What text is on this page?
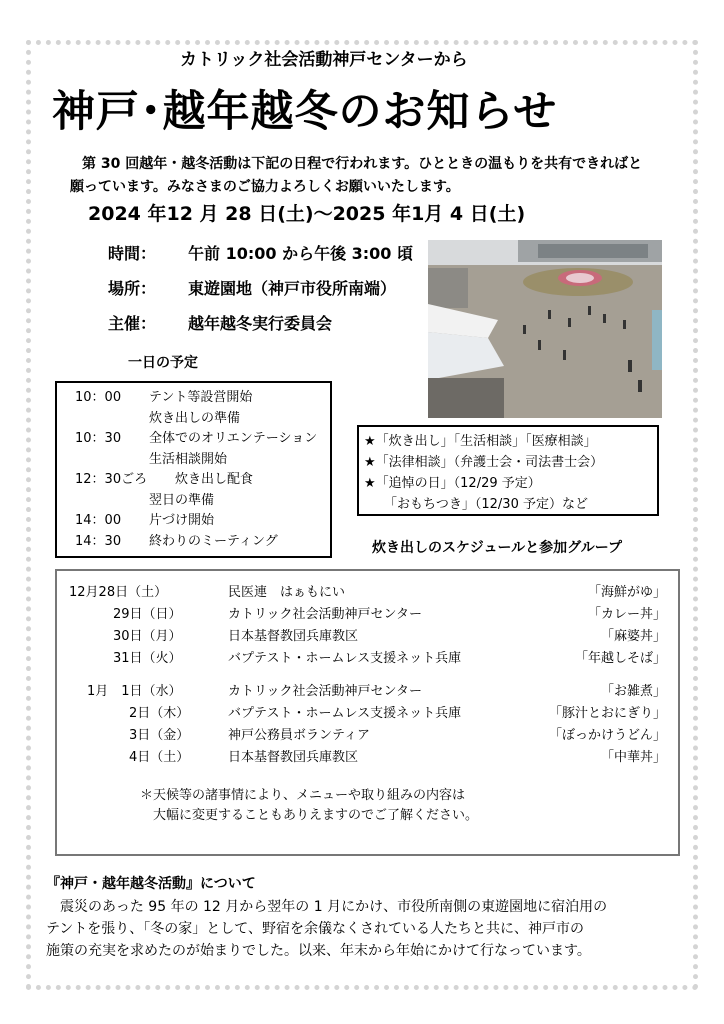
カトリック社会活動神戸センターから
神戸･越年越冬のお知らせ
第 30 回越年・越冬活動は下記の日程で行われます。ひとときの温もりを共有できればと
願っています。みなさまのご協力よろしくお願いいたします。
2024 年12 月 28 日(土)～2025 年1月 4 日(土)
時間： 午前 10:00 から午後 3:00 頃
場所： 東遊園地（神戸市役所南端）
主催： 越年越冬実行委員会
一日の予定
10：00 テント等設営開始
炊き出しの準備
10：30 全体でのオリエンテーション
生活相談開始
12：30ごろ 炊き出し配食
翌日の準備
14：00 片づけ開始
14：30 終わりのミーティング
★「炊き出し」「生活相談」「医療相談」
★「法律相談」（弁護士会・司法書士会）
★「追悼の日」（12/29 予定）
「おもちつき」（12/30 予定）など
炊き出しのスケジュールと参加グループ
12月28日（土）	民医連　はぁもにい	「海鮮がゆ」
29日（日）	カトリック社会活動神戸センター	「カレー丼」
30日（月）	日本基督教団兵庫教区	「麻婆丼」
31日（火）	バプテスト・ホームレス支援ネット兵庫	「年越しそば」
1月　1日（水）	カトリック社会活動神戸センター	「お雑煮」
2日（木）	バプテスト・ホームレス支援ネット兵庫	「豚汁とおにぎり」
3日（金）	神戸公務員ボランティア	「ぼっかけうどん」
4日（土）	日本基督教団兵庫教区	「中華丼」
＊天候等の諸事情により、メニューや取り組みの内容は
　大幅に変更することもありえますのでご了解ください。
『神戸・越年越冬活動』について
　震災のあった 95 年の 12 月から翌年の 1 月にかけ、市役所南側の東遊園地に宿泊用の
テントを張り、「冬の家」として、野宿を余儀なくされている人たちと共に、神戸市の
施策の充実を求めたのが始まりでした。以来、年末から年始にかけて行なっています。
